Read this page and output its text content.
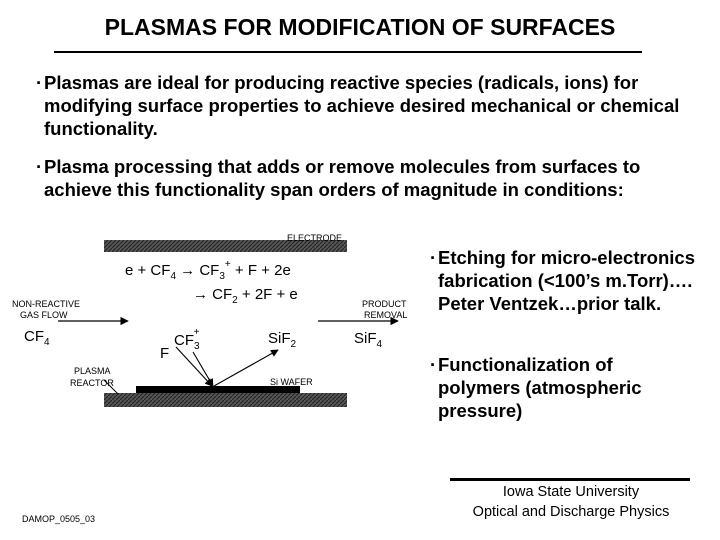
PLASMAS FOR MODIFICATION OF SURFACES
· Plasmas are ideal for producing reactive species (radicals, ions) for modifying surface properties to achieve desired mechanical or chemical functionality.
· Plasma processing that adds or remove molecules from surfaces to achieve this functionality span orders of magnitude in conditions:
ELECTRODE
NON-REACTIVE
GAS FLOW
$CF_4$
PRODUCT
REMOVAL
SiF$_4$
$e + CF_4 \to CF_3^+ + F + 2e$
→ $CF_2 + 2F + e$
$CF_3+$
F
SiF$_2$
PLASMA
REACTOR	Si WAFER
· Etching for micro-electronics fabrication (<100’s m.Torr)…. Peter Ventzek…prior talk.
· Functionalization of polymers (atmospheric pressure)
Iowa State University
Optical and Discharge Physics
DAMOP_0505_03
